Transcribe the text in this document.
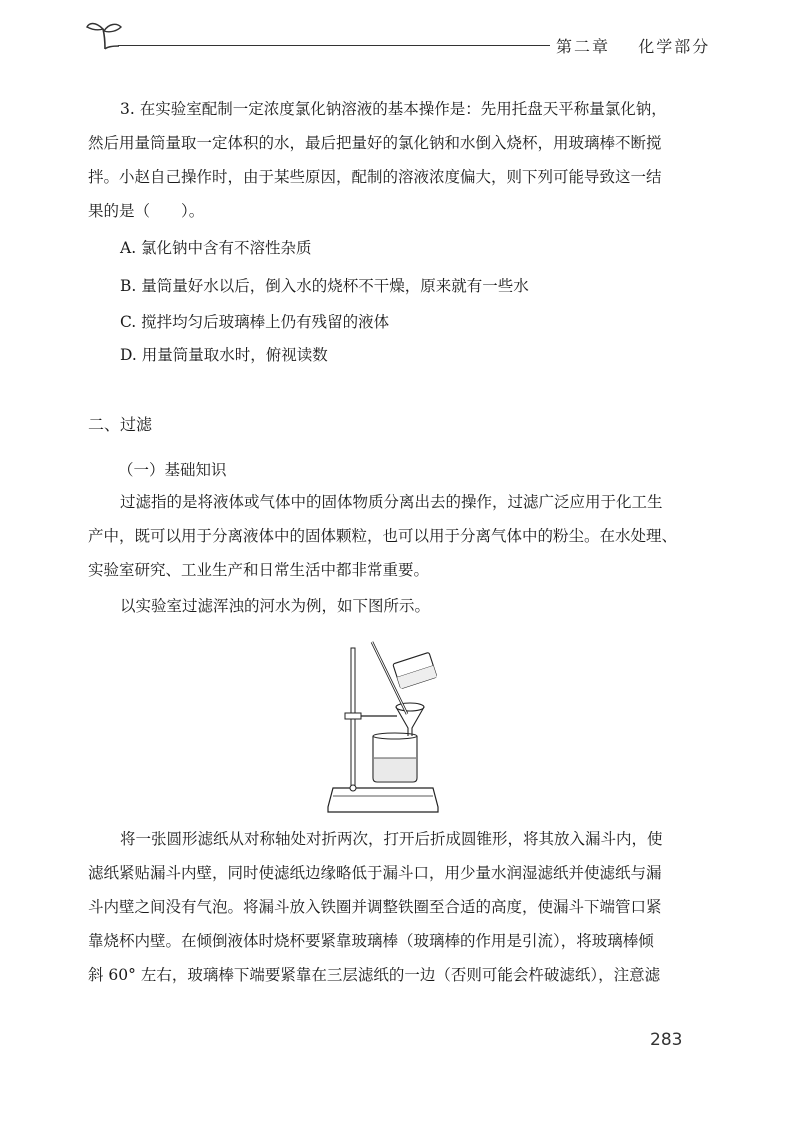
第二章 化学部分
3. 在实验室配制一定浓度氯化钠溶液的基本操作是：先用托盘天平称量氯化钠，
然后用量筒量取一定体积的水，最后把量好的氯化钠和水倒入烧杯，用玻璃棒不断搅
拌。小赵自己操作时，由于某些原因，配制的溶液浓度偏大，则下列可能导致这一结
果的是（　　）。
A. 氯化钠中含有不溶性杂质
B. 量筒量好水以后，倒入水的烧杯不干燥，原来就有一些水
C. 搅拌均匀后玻璃棒上仍有残留的液体
D. 用量筒量取水时，俯视读数
二、过滤
（一）基础知识
过滤指的是将液体或气体中的固体物质分离出去的操作，过滤广泛应用于化工生
产中，既可以用于分离液体中的固体颗粒，也可以用于分离气体中的粉尘。在水处理、
实验室研究、工业生产和日常生活中都非常重要。
以实验室过滤浑浊的河水为例，如下图所示。
将一张圆形滤纸从对称轴处对折两次，打开后折成圆锥形，将其放入漏斗内，使
滤纸紧贴漏斗内壁，同时使滤纸边缘略低于漏斗口，用少量水润湿滤纸并使滤纸与漏
斗内壁之间没有气泡。将漏斗放入铁圈并调整铁圈至合适的高度，使漏斗下端管口紧
靠烧杯内壁。在倾倒液体时烧杯要紧靠玻璃棒（玻璃棒的作用是引流），将玻璃棒倾
斜 60° 左右，玻璃棒下端要紧靠在三层滤纸的一边（否则可能会杵破滤纸），注意滤
283
